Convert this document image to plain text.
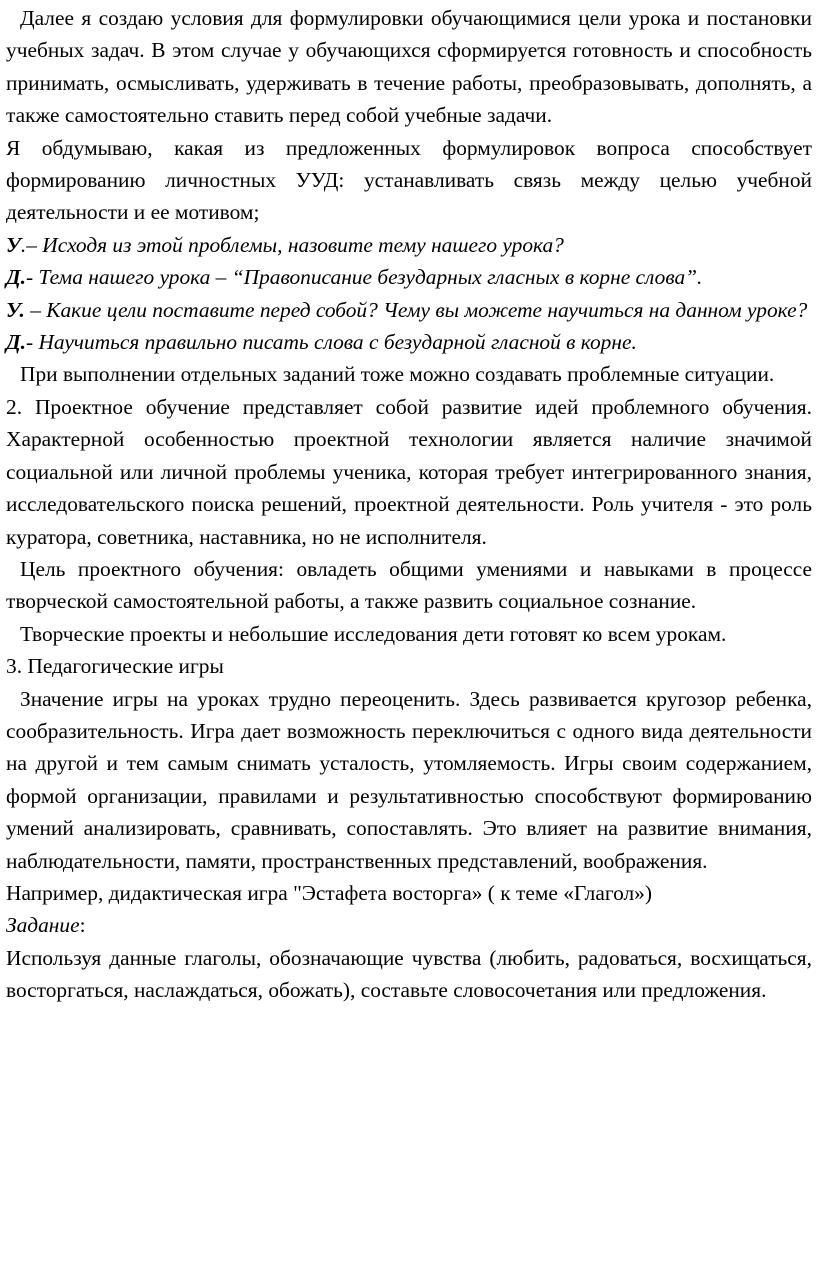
Далее я создаю условия для формулировки обучающимися цели урока и постановки учебных задач. В этом случае у обучающихся сформируется готовность и способность принимать, осмысливать, удерживать в течение работы, преобразовывать, дополнять, а также самостоятельно ставить перед собой учебные задачи.

Я обдумываю, какая из предложенных формулировок вопроса способствует формированию личностных УУД: устанавливать связь между целью учебной деятельности и ее мотивом;

У.– Исходя из этой проблемы, назовите тему нашего урока?

Д.- Тема нашего урока – “Правописание безударных гласных в корне слова”.

У. – Какие цели поставите перед собой? Чему вы можете научиться на данном уроке?

Д.- Научиться правильно писать слова с безударной гласной в корне.

При выполнении отдельных заданий тоже можно создавать проблемные ситуации.

2. Проектное обучение представляет собой развитие идей проблемного обучения. Характерной особенностью проектной технологии является наличие значимой социальной или личной проблемы ученика, которая требует интегрированного знания, исследовательского поиска решений, проектной деятельности. Роль учителя - это роль куратора, советника, наставника, но не исполнителя.

Цель проектного обучения: овладеть общими умениями и навыками в процессе творческой самостоятельной работы, а также развить социальное сознание.

Творческие проекты и небольшие исследования дети готовят ко всем урокам.

3. Педагогические игры

Значение игры на уроках трудно переоценить. Здесь развивается кругозор ребенка, сообразительность. Игра дает возможность переключиться с одного вида деятельности на другой и тем самым снимать усталость, утомляемость. Игры своим содержанием, формой организации, правилами и результативностью способствуют формированию умений анализировать, сравнивать, сопоставлять. Это влияет на развитие внимания, наблюдательности, памяти, пространственных представлений, воображения.

Например, дидактическая игра "Эстафета восторга» ( к теме «Глагол»)

Задание:

Используя данные глаголы, обозначающие чувства (любить, радоваться, восхищаться, восторгаться, наслаждаться, обожать), составьте словосочетания или предложения.
